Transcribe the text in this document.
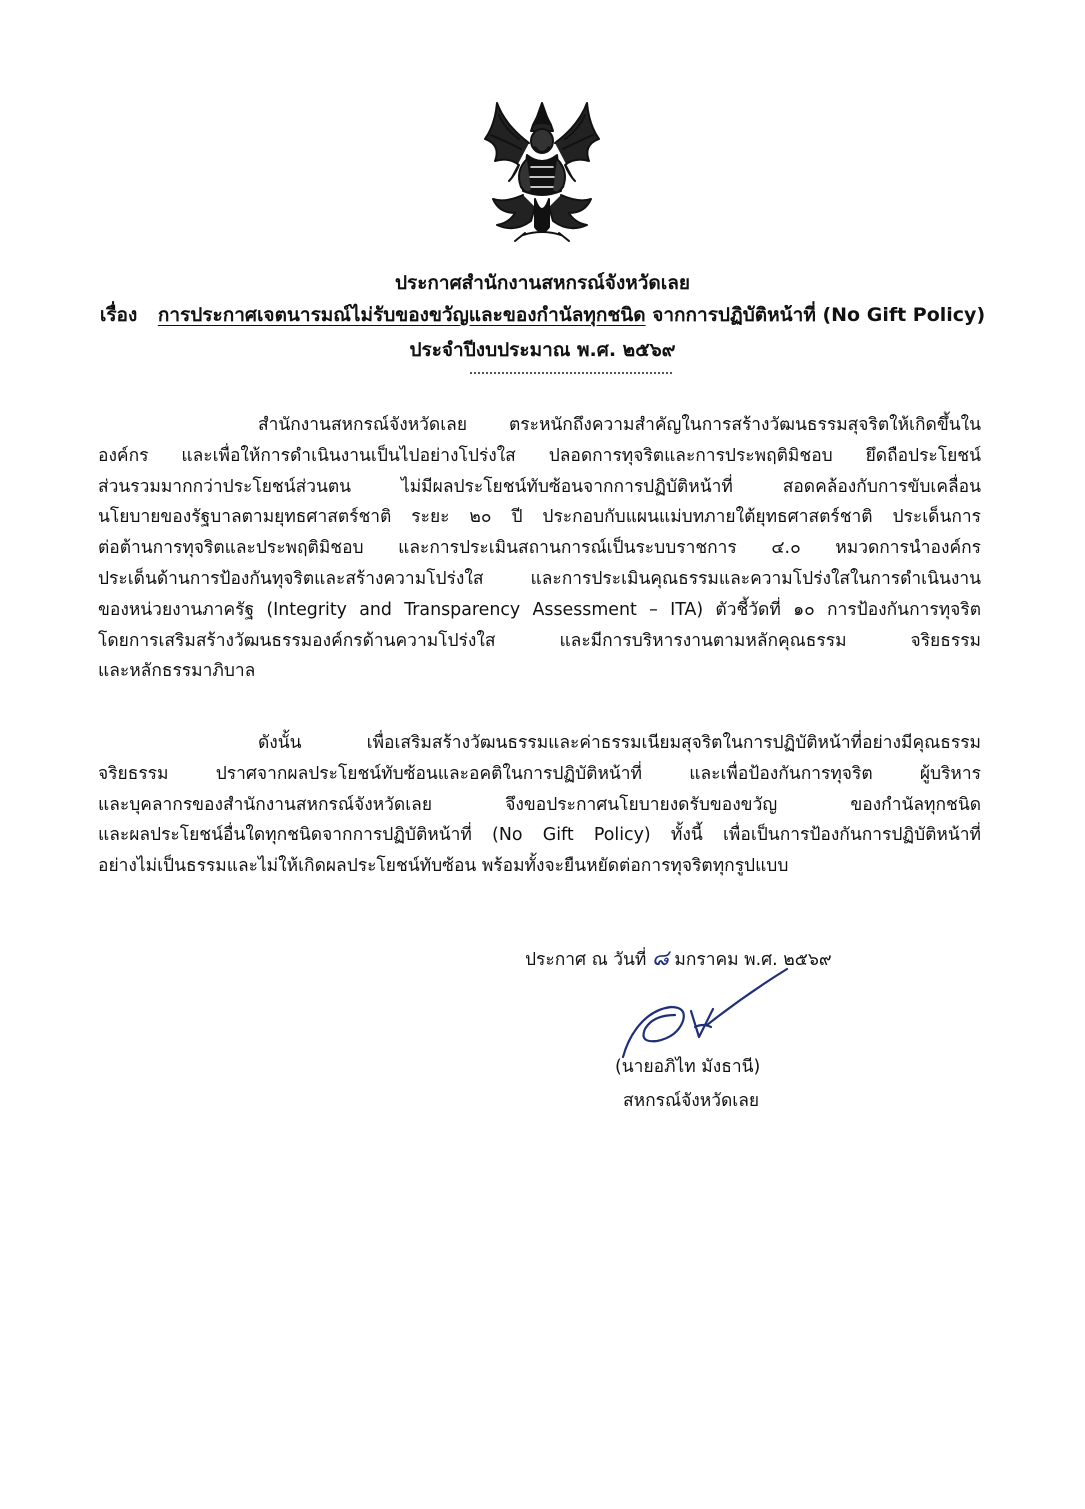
ประกาศสำนักงานสหกรณ์จังหวัดเลย
เรื่อง การประกาศเจตนารมณ์ไม่รับของขวัญและของกำนัลทุกชนิด จากการปฏิบัติหน้าที่ (No Gift Policy)
ประจำปีงบประมาณ พ.ศ. ๒๕๖๙

สำนักงานสหกรณ์จังหวัดเลย ตระหนักถึงความสำคัญในการสร้างวัฒนธรรมสุจริตให้เกิดขึ้นใน
องค์กร และเพื่อให้การดำเนินงานเป็นไปอย่างโปร่งใส ปลอดการทุจริตและการประพฤติมิชอบ ยึดถือประโยชน์
ส่วนรวมมากกว่าประโยชน์ส่วนตน ไม่มีผลประโยชน์ทับซ้อนจากการปฏิบัติหน้าที่ สอดคล้องกับการขับเคลื่อน
นโยบายของรัฐบาลตามยุทธศาสตร์ชาติ ระยะ ๒๐ ปี ประกอบกับแผนแม่บทภายใต้ยุทธศาสตร์ชาติ ประเด็นการ
ต่อต้านการทุจริตและประพฤติมิชอบ และการประเมินสถานการณ์เป็นระบบราชการ ๔.๐ หมวดการนำองค์กร
ประเด็นด้านการป้องกันทุจริตและสร้างความโปร่งใส และการประเมินคุณธรรมและความโปร่งใสในการดำเนินงาน
ของหน่วยงานภาครัฐ (Integrity and Transparency Assessment – ITA) ตัวชี้วัดที่ ๑๐ การป้องกันการทุจริต
โดยการเสริมสร้างวัฒนธรรมองค์กรด้านความโปร่งใส และมีการบริหารงานตามหลักคุณธรรม จริยธรรม
และหลักธรรมาภิบาล

ดังนั้น เพื่อเสริมสร้างวัฒนธรรมและค่าธรรมเนียมสุจริตในการปฏิบัติหน้าที่อย่างมีคุณธรรม
จริยธรรม ปราศจากผลประโยชน์ทับซ้อนและอคติในการปฏิบัติหน้าที่ และเพื่อป้องกันการทุจริต ผู้บริหาร
และบุคลากรของสำนักงานสหกรณ์จังหวัดเลย จึงขอประกาศนโยบายงดรับของขวัญ ของกำนัลทุกชนิด
และผลประโยชน์อื่นใดทุกชนิดจากการปฏิบัติหน้าที่ (No Gift Policy) ทั้งนี้ เพื่อเป็นการป้องกันการปฏิบัติหน้าที่
อย่างไม่เป็นธรรมและไม่ให้เกิดผลประโยชน์ทับซ้อน พร้อมทั้งจะยืนหยัดต่อการทุจริตทุกรูปแบบ

ประกาศ ณ วันที่ ๘ มกราคม พ.ศ. ๒๕๖๙
(นายอภิไท มังธานี)
สหกรณ์จังหวัดเลย
